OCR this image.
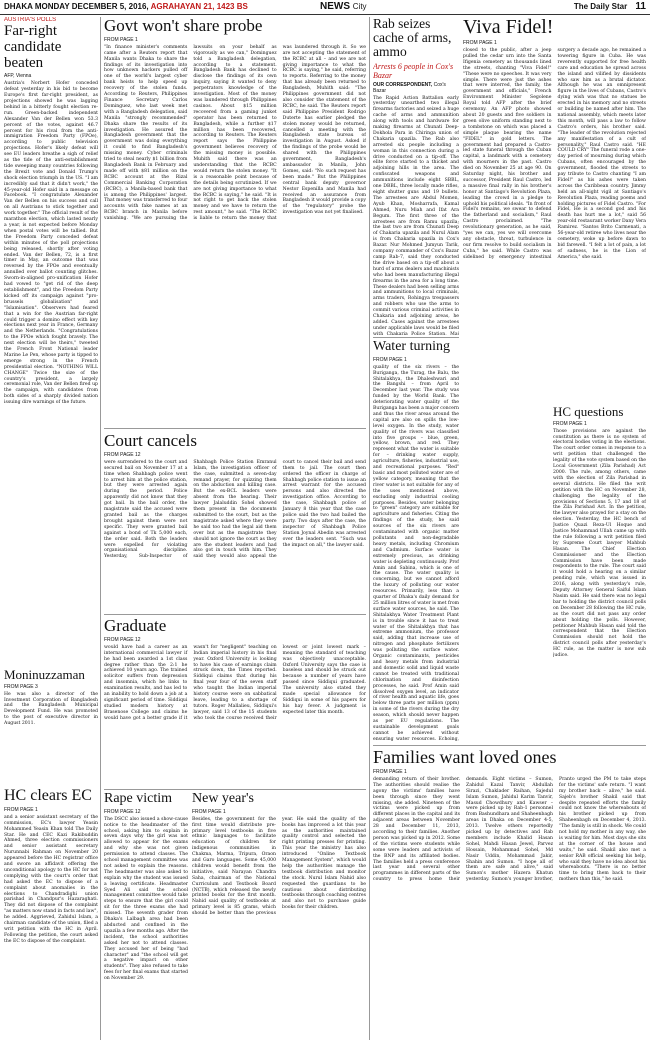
DHAKA MONDAY DECEMBER 5, 2016, AGRAHAYAN 21, 1423 BS	NEWS City	The Daily Star 11
AUSTRIA'S POLLS
Far-right candidate beaten
AFP, Vienna

Austria's Norbert Hofer conceded defeat yesterday in his bid to become Europe's first far-right president, as projections showed he was lagging behind in a bitterly fought election re-run. Green-backed independent Alexander Van der Bellen won 53.3 percent of the votes, against 46.7 percent for his rival from the anti-immigration Freedom Party (FPOe), according to public television projections. Hofer's likely defeat will see EU leaders breathe a sigh of relief as the tide of the anti-establishment tide sweeping many countries following the Brexit vote and Donald Trump's shock election triumph in the US. "I am incredibly sad that it didn't work," the 45-year-old Hofer said in a message on Facebook. "I congratulate Alexander Van der Bellen on his success and call on all Austrians to stick together and work together." The official result of the marathon election, which lasted nearly a year, is not expected before Monday when postal votes will be tallied. But the Freedom Party conceded defeat within minutes of the poll projections being released, shortly after voting ended. Van der Bellen, 72, is a first timer in May, an outcome that was reversed by the FPOe and eventually annulled over ballot counting glitches. Sworn-in-aligned pro-unification Hofer had vowed to "get rid of the deep establishment", and the Freedom Party kicked off its campaign against "pro-brussels globalisation" and "Islamisation". Observers had feared that a win for the Austrian far-right could trigger a domino effect with key elections next year in France, Germany and the Netherlands. "Congratulations to the FPOe which fought bravely. The next election will be theirs," tweeted the French Front National leader Marine Le Pen, whose party is tipped to emerge strong in the French presidential election. "NOTHING WILL CHANGE" Twice the size of the country's president, a largely ceremonial role, Van der Bellen fired up the campaign, with candidates from both sides of a sharply divided nation issuing dire warnings of the future.

Moninuzzaman
FROM PAGE 3

He was also a director of the Investment Corporation of Bangladesh and the Bangladesh Municipal Development Fund. He was promoted to the post of executive director in August 2011.

HC clears EC
FROM PAGE 1

and a senior assistant secretary of the commission, EC's lawyer Yeasin Mohammed Yeasin Khan told The Daily Star. He and CEC Kazi Rakibuddin Ahmed, three election commissioners and senior assistant secretary Nurunnabi Rahman on November 20 appeared before the HC registrar office and swore an affidavit offering the unconditional apology to the HC for not complying with the court's order that had asked the EC to dispose of a complaint about anomalies in the elections to Chandradighi union parishad in Chandpur's Hazaraghati. They did not dispose of the complaint "as matters now stand in facts and law", he added. Aggrieved, Zahidul Islam, a chairman candidate of the union, filed a writ petition with the HC in April. Following the petition, the court asked the EC to dispose of the complaint.

Govt won't share probe
FROM PAGE 1

"In finance minister's comments came after a Reuters report that Manila wants Dhaka to share the findings of its investigation into how unknown hackers pulled off one of the world's largest cyber bank heists to help speed up recovery of the stolen funds. According to Reuters, Philippines Finance Secretary Carlos Dominguez, who last week met with a Bangladesh delegation, said Manila "strongly recommended" Dhaka share the results of its investigation. He assured the Bangladesh government that the government was doing everything it could to find Bangladesh's missing money. Cyber criminals tried to steal nearly $1 billion from Bangladesh Bank in February and made off with $81 million on the RCBC account at the Rizal Commercial Banking Corporation (RCBC), a Manila-based bank that is among the Philippines' largest. That money was transferred to four accounts with fake names at an RCBC branch in Manila before vanishing. "We are pursuing the lawsuits on your behalf as vigorously as we can," Dominguez told a Bangladesh delegation, according to a statement. Bangladesh Bank has declined to disclose the findings of its own inquiry, saying it wanted to deny perpetrators knowledge of the investigation. Most of the money was laundered through Philippines casinos. About $15 million recovered from a gaming junket operator has been returned to Bangladesh, while a further $17 million has been recovered, according to Reuters. The Reuters report says the Philippine government believes recovery of the missing money is possible. Muhith said there was an understanding that the RCBC would return the stolen money. "It is a reasonable point because of the details being scrutinized. If we are not giving importance to what the RCBC is saying," he said. "It is not right to get back the stolen money and we have to return the rest amount," he said. "The RCBC is liable to return the money that was laundered through it. So we are not accepting the statement of the RCBC at all – and we are not giving importance to what the RCBC is saying," he said, referring to reports. Referring to the money that has already been returned to Bangladesh, Muhith said: "The Philippines government did not also consider the statement of the RCBC, he said. The Reuters report said Philippine President Rodrigo Duterte has earlier pledged the stolen money would be returned, cancelled a meeting with the Bangladesh state bureau of investigation in August. Asked if the findings of the probe would be shared with the Philippines government, Bangladesh's ambassador in Manila, John Gomes, said: "No such request has been made." But the Philippines central bank deputy governor Nestor Espenilla and Manila had received an assurance from Bangladesh it would provide a copy of the "regulatory" probe the investigation was not yet finalised.

Court cancels
FROM PAGE 12

were surrendered to the court and secured bail on November 17 at a time when Shahbagh police went to arrest him at the police station, but they were arrested again during the period. Police apparently did not know that they got bail. In the bail order, the magistrate said the accused were granted bail as the charges brought against them were not specific. They were granted bail against a bond of Tk 5,000 each, the order said. Both the leaders were expelled for violating organisational discipline. Yesterday, Sub-Inspector of Shahbagh Police Station Emranul Islam, the investigation officer of the case, submitted a seven-day remand prayer, for quizzing them on the abduction and killing case. But the ex-BCL leaders were absent from the hearing. Their lawyer Jalaluddin Sohel showed them present in the documents submitted to the court, but as the magistrate asked where they were he said too had the legal aid them over but as the magistrate they should not ignore the court as they are the student leaders and had also got in touch with him. They said they would also appeal the court to cancel their bail and send them to jail. The court then ordered the officer in charge of Shahbagh police station to issue an arrest warrant for the accused persons and also directed the investigation office. According to the case, Shahbagh police of January 8 this year that the case police said the two had bailed the party. Two days after the case, the inspector of Shahbagh Police Station Joynal Abedin was arrested over the leaders sent. "Such was the impact on all," the lawyer said.

Graduate
FROM PAGE 12

would have had a career as an international commercial lawyer if he had been awarded a 1st class degree rather than the 2:1 he achieved 10 years ago. The trained solicitor suffers from depression and insomnia, which he links to examination results, and has led to an inability to hold down a job at a significant period of time. Siddiqui studied modern history at Brasenose College and claims he would have got a better grade if it wasn't for "negligent" teaching on Indian imperial history in his final year. Oxford University is looking to have his case of earnings claim struck down, the Times reported. Siddiqui claims that during his final year four of the seven staff who taught the Indian imperial history course were on sabbatical leave, leading to a shortage of tutors. Roger Mallalieu, Siddiqui's lawyer, said 13 of the 15 students who took the course received their lowest or joint lowest mark – meaning the standard of teaching was objectively unacceptable. Oxford University says the case is baseless and should be struck out because a number of years have passed since Siddiqui graduated. The university also stated they made special allowance for Siddiqui in some of his papers for his hay fever. A judgment is expected later this month.

Rape victim
FROM PAGE 12

The DSCC also issued a show-cause notice to the headmaster of the school, asking him to explain in seven days why the girl was not allowed to appear for the exams and why she was not given permission to attend classes. The school management committee was not asked to explain the reasons. The headmaster was also asked to explain why the student was issued a leaving certificate. Headmaster Syed Ali said the school management committee would take steps to ensure that the girl could sit for the three exams she had missed. The seventh grader from Dhaka's Lalbagh area had been abducted and confined in the upazila a few months ago. After the incident, the school authorities asked her not to attend classes. They accused her of being "bad character" and "the school will get a negative impact on other students". They also refused to take fees for her final exams that started on November 29.

New year's
FROM PAGE 1

Besides, the government for the first time would distribute pre-primary level textbooks in five ethnic languages to facilitate education of children for indigenous communities in Chakma, Marma, Tripura, Oraon and Garo languages. Some 45,000 children would benefit from the initiative, said Narayan Chandra Saha, chairman of the National Curriculum and Textbook Board (NCTB), which released the newly printed books for the first month. Nahid said quality of textbooks at primary level is 85 grams, which should be better than the previous year. He said the quality of the books has improved a lot this year as the authorities maintained quality control and selected the right printing presses for printing. This year the ministry has also introduced "Online Textbook Management System", which would help the authorities manage the textbook distribution and monitor the stock. Nurul Islam Nahid also requested the guardians to be cautious about distributing textbooks through coaching centres and also not to purchase guide books for their children.

Rab seizes cache of arms, ammo
Arrests 6 people in Cox's Bazar
OUR CORRESPONDENT, Cox's Bazar

The Rapid Action Battalion early yesterday unearthed two illegal firearms factories and seized a huge cache of arms and ammunition along with tools and hardware for making firearms at Chunati Deep-Dokhola Para in Chiringa union of Chakaria upazila. The Rab also arrested six people including a woman in this connection during a drive conducted on a tip-off. The elite force started to a thicket and adjoining hills in the area. The confiscated weapons and ammunitions include eight SBBL, one DBBL, three locally made rifles, eight shutter guns and 19 bullets. The arrestees are Abdul Momen, Ayub Khan, Mosharrafa, Kamal Ahmed, Nuru Miah and Ifat Ara Begum. The first three of the arrestees are from Ramu upazila; the last two are from Chunati Deep of Chakaria upazila and Nurul Alam is from Chakaria upazila in Cox's Bazar. Nur Mohmed Jumyun Tarik, company commander of Cox's Bazar camp Rab-7, said they conducted the drive based on a tip-off about a hurd of arms dealers and machinists who had been manufacturing illegal firearms in the area for a long time. These dealers had been selling arms and ammunitions to local criminals, arms traders, Rohingya trespassers and robbers who use the arms to commit various criminal activities in Chakaria and adjoining areas, he added. Cases against the arrestees under applicable laws would be filed with Chakaria Police Station, Maj

Water turning
FROM PAGE 1

quality of the six rivers – the Buriganga, the Turag, the Balu, the Shitalakhya, the Dhaleshwari and the Bangshi – from April to December last year. The study was funded by the World Bank. The deteriorating water quality of the Buriganga has been a major concern and thus the river areas around the capital are also on spills the low-level oxygen. In the study, water quality of the rivers was classified into five groups – blue, green, yellow, brown, and red. They represent what the water is suitable for – drinking water supply, agriculture, fisheries, industrial use, and recreational purposes. "Red" basic and most polluted water are of yellow category, meaning that the river water is not suitable for any of the uses mentioned above, excluding only industrial cooling purposes. Besides, water belonging to "green" category are suitable for agriculture and fisheries. Citing the findings of the study, he said sources of the six rivers are contaminated with organic matter pollutants and non-degradable heavy metals, including Chromium and Cadmium. Surface water is extremely precious, as drinking water is depleting continuously. Prof Amin and Sabina, which is one of the cause. The water quality is concerning, but we cannot afford the luxury of polluting our water resources. Primarily, less than a quarter of Dhaka's daily demand for 25 million litres of water is met from surface water sources, he said. The Shitalakhya Water Treatment Plant is in trouble since it has to treat water of the Shitalakhya that has extreme ammonium, the professor said, adding that increase use of nitrogen and phosphate fertilizers was polluting the surface water. Organic contaminants, pesticides and heavy metals from industrial and domestic solid and liquid waste cannot be treated with traditional chlorination and disinfection processes, he said. Prof Amin said dissolved oxygen level, an indicator of river health and aquatic life, goes below three parts per million (ppm) in some of the rivers during the dry season, which should never happen as per EU regulations. The sustainable development goals cannot be achieved without ensuring water resources. Echoing,

Viva Fidel!
FROM PAGE 1

closed to the public, after a jeep pulled the cedar urn into the Santa Ifigenia cemetery as thousands lined the streets, chanting "Viva Fidel!" "These were no speeches. It was very simple. There were just the ashes that were interred, the family, the government and officials," French Environment Minister Segolene Royal told AFP after the brief ceremony. An AFP photo showed about 20 guests and five soldiers in green olive uniform standing next to a tombstone on which was placed a simple plaque bearing the name "FIDEL" in gold letters. The government had prepared a Castro-led state funeral through the Cuban capital, a landmark with a cemetery with mourners in the past. Castro died on November 25 at age 90. On Saturday night, his brother and successor, President Raul Castro, led a massive final rally in his brother's honor at Santiago's Revolution Plaza, leading the crowd in a pledge to uphold his political ideals. "In front of Fidel's remains, we swear to defend the fatherland and socialism," Raul Castro proclaimed. "The revolutionary generation, as he said, "yes we can, yes we will overcome any obstacle, threat, turbulence in our firm resolve to build socialism in Cuba," he said. While Castro was sidelined by emergency intestinal surgery a decade ago, he remained a towering figure in Cuba. He was reverently supported for free health care and education he spread across the island and vilified by dissidents who saw him as a brutal dictator. Although he was an omnipresent figure in the lives of Cubans, Castro's dying wish was that no statues be erected in his memory and no streets or building be named after him. The national assembly, which meets later this month, will pass a law to follow Castro's orders, his brother said. "The leader of the revolution rejected any manifestation of a cult of personality," Raul Castro said. "HE COULD CRY" The funeral rode a one-day period of mourning during which Cubans, often encouraged by the government, flooded the streets to pay tribute to Castro chanting "I am Fidel!" as his ashes were taken across the Caribbean country. Jimmy held an all-night vigil at Santiago's Revolution Plaza, reading poems and holding pictures of Fidel Castro. "For Fidel, He is a second god and his death has hurt me a lot," said 56 year-old restaurant worker Dany Vera Ramirez. "Santos Brito Carmenati, a 56-year-old retiree who lives near the cemetery, woke up before dawn to bid farewell. "I felt a lot of pain, a lot of sadness, he is the Lion of America," she said.

Families want loved ones
FROM PAGE 1

demanding return of their brother. The authorities should realise the agony the victims' families have been through since they went missing, she added. Nineteen of the victims were picked up from different places in the capital and its adjacent areas between November 28 and December 11, 2013, according to their families. Another person was picked up in 2012. Some of the victims were students while some were leaders and activists of the BNP and its affiliated bodies. The families held a press conference last year and several other programmes in different parts of the country to press home their demands. Eight victims – Sumon, Zahidul Kazal Tanvir, Abdullah Sirazi, Chaklader Raihan, Sajedul Islam Sumon, Jahidul Karim Tanvir, Masud Chowdhury and Kawser – were picked up by Rab-1 personnel from Bashundhara and Shaheenbagh areas in Dhaka on December 4-5, 2013. Twelve others reportedly picked up by detectives and Rab members include Khalid Hasan Sohel, Mahdi Hasan Jewel, Parvez Hossain, Mohammad Sohel, Md Nasir Uddin, Mohammad Jakir, Shahin and Sumon. "I hope all of them are safe and alive," said Sumon's mother Hazera Khatun yesterday. Sumon's younger brother, Pranto urged the PM to take steps for the victims' safe return. "I want my brother back – alive," he said. Sajeb's brother Shakil said that despite repeated efforts the family could not know the whereabouts of his brother picked up from Shaheenbagh on December 4, 2013. "The family is still in shock. We could not hold my mother in any way, she is waiting for him. Most days she sits at the corner of the house and waits," he said. Shakil also met a senior RAB official seeking his help, who said they have no idea about his whereabouts. "There is no better time to bring them back to their mothers than this," he said.

HC questions
FROM PAGE 1

Those provisions are against the constitution as there is no system of electoral bodies voting in the elections. The court order comes in response to a writ petition that challenged the legality of the vote system based on the Local Government (Zila Parishad) Act 2000. The rule, among others, came with the election of Zila Parishad in several districts. He filed the writ petition with the HC on November 28, challenging the legality of the provisions of Sections 5, 17 and 18 of the Zila Parishad Act. In the petition, the lawyer also prayed for a stay on the election. Yesterday, the HC bench of Justice Quazi Reza-Ul Hoque and Justice Mohammad Ullah came up with the rule following a writ petition filed by Supreme Court lawyer Mahbub Hasan. The Chief Election Commissioner and the Election Commission have been made respondents to the rule. The court said it would hold a hearing on a similar pending rule, which was issued in 2016, along with yesterday's rule, Deputy Attorney General Saiful Islam Nasim said. He said there was no legal bar to holding the district council polls on December 28 following the HC rule, as the court did not pass any order about holding the polls. However, petitioner Mahbub Hasan said told the correspondent that the Election Commission should not hold the district council polls after yesterday's HC rule, as the matter is now sub judice.
